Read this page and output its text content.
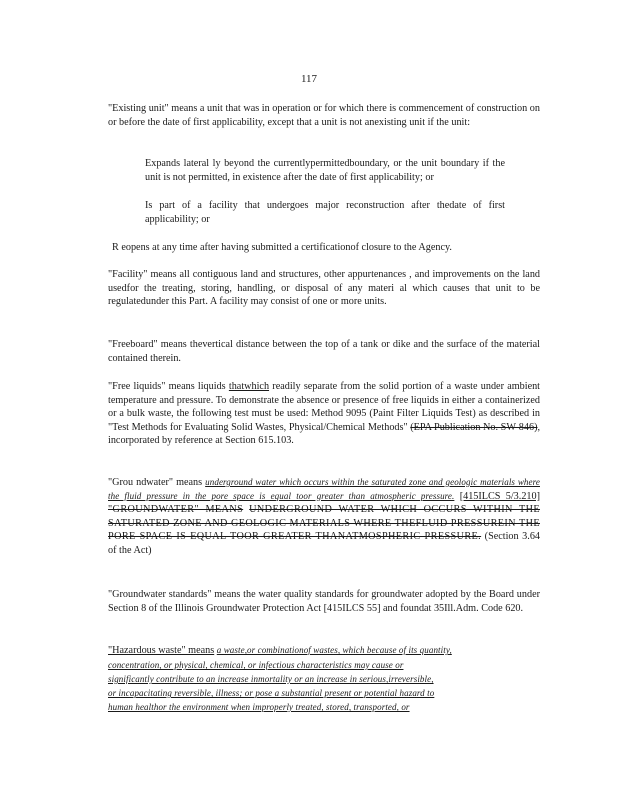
117
"Existing unit" means a unit that was in operation or for which there is commencement of construction on or before the date of first applicability, except that a unit is not anexisting unit if the unit:
Expands lateral ly beyond the currentlypermittedboundary, or the unit boundary if the unit is not permitted, in existence after the date of first applicability; or
Is part of a facility that undergoes major reconstruction after thedate of first applicability; or
R eopens at any time after having submitted a certificationof closure to the Agency.
"Facility" means all contiguous land and structures, other appurtenances , and improvements on the land usedfor the treating, storing, handling, or disposal of any materi al which causes that unit to be regulatedunder this Part. A facility may consist of one or more units.
"Freeboard" means thevertical distance between the top of a tank or dike and the surface of the material contained therein.
"Free liquids" means liquids thatwhich readily separate from the solid portion of a waste under ambient temperature and pressure. To demonstrate the absence or presence of free liquids in either a containerized or a bulk waste, the following test must be used: Method 9095 (Paint Filter Liquids Test) as described in "Test Methods for Evaluating Solid Wastes, Physical/Chemical Methods" (EPA Publication No. SW-846), incorporated by reference at Section 615.103.
"Grou ndwater" means underground water which occurs within the saturated zone and geologic materials where the fluid pressure in the pore space is equal toor greater than atmospheric pressure. [415ILCS 5/3.210] "GROUNDWATER" MEANS UNDERGROUND WATER WHICH OCCURS WITHIN THE SATURATED ZONE AND GEOLOGIC MATERIALS WHERE THEFLUID PRESSUREIN THE PORE SPACE IS EQUAL TOOR GREATER THANATMOSPHERIC PRESSURE. (Section 3.64 of the Act)
"Groundwater standards" means the water quality standards for groundwater adopted by the Board under Section 8 of the Illinois Groundwater Protection Act [415ILCS 55] and foundat 35Ill.Adm. Code 620.
"Hazardous waste" means a waste,or combinationof wastes, which because of its quantity,
concentration, or physical, chemical, or infectious characteristics may cause or
significantly contribute to an increase inmortality or an increase in serious,irreversible,
or incapacitating reversible, illness; or pose a substantial present or potential hazard to
human healthor the environment when improperly treated, stored, transported, or
